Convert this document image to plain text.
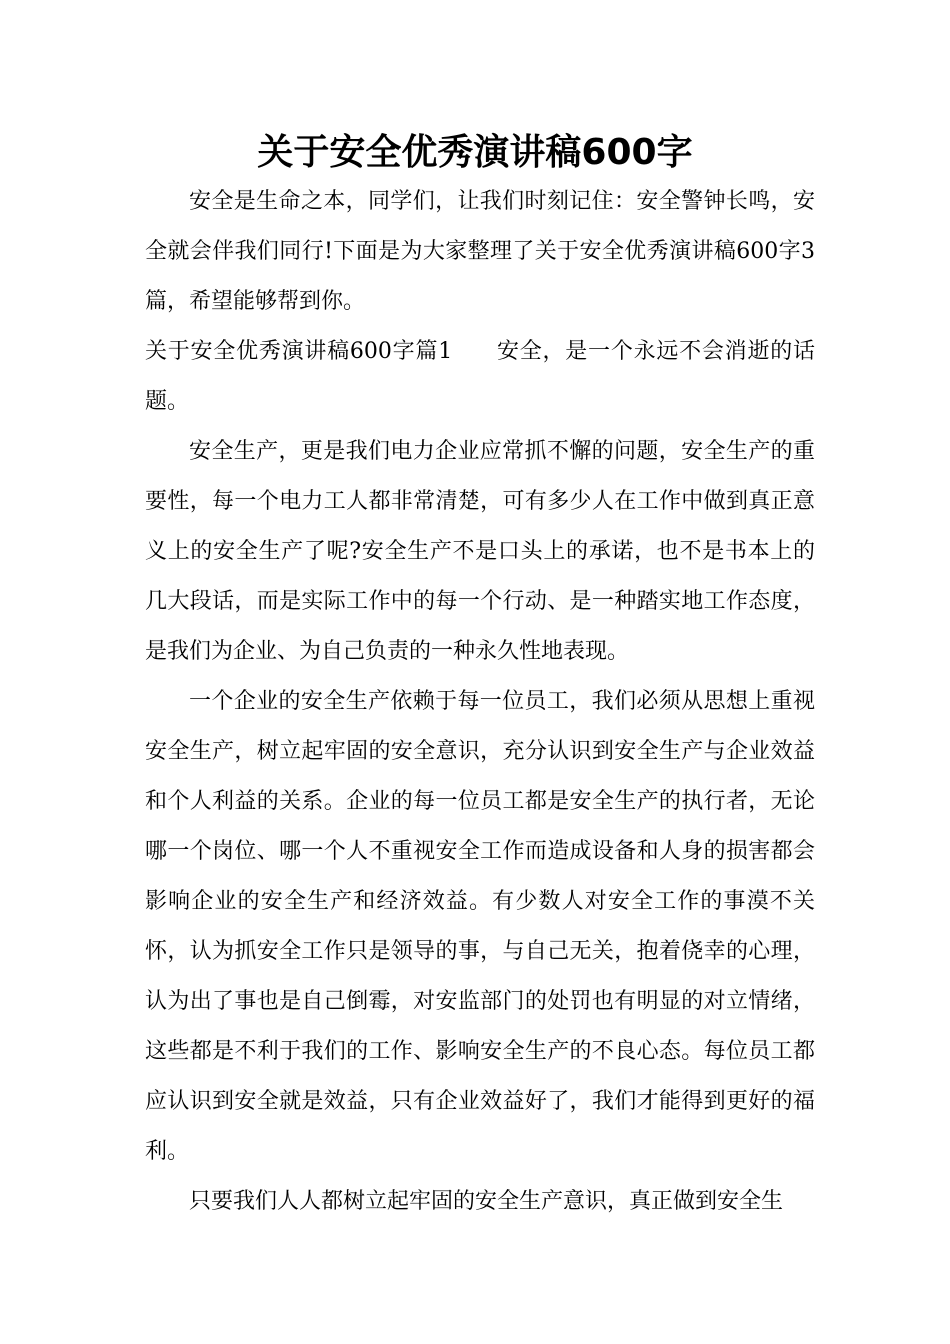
关于安全优秀演讲稿600字

安全是生命之本，同学们，让我们时刻记住：安全警钟长鸣，安全就会伴我们同行!下面是为大家整理了关于安全优秀演讲稿600字3篇，希望能够帮到你。

关于安全优秀演讲稿600字篇1 安全，是一个永远不会消逝的话题。

安全生产，更是我们电力企业应常抓不懈的问题，安全生产的重要性，每一个电力工人都非常清楚，可有多少人在工作中做到真正意义上的安全生产了呢?安全生产不是口头上的承诺，也不是书本上的几大段话，而是实际工作中的每一个行动、是一种踏实地工作态度，是我们为企业、为自己负责的一种永久性地表现。

一个企业的安全生产依赖于每一位员工，我们必须从思想上重视安全生产，树立起牢固的安全意识，充分认识到安全生产与企业效益和个人利益的关系。企业的每一位员工都是安全生产的执行者，无论哪一个岗位、哪一个人不重视安全工作而造成设备和人身的损害都会影响企业的安全生产和经济效益。有少数人对安全工作的事漠不关怀，认为抓安全工作只是领导的事，与自己无关，抱着侥幸的心理，认为出了事也是自己倒霉，对安监部门的处罚也有明显的对立情绪，这些都是不利于我们的工作、影响安全生产的不良心态。每位员工都应认识到安全就是效益，只有企业效益好了，我们才能得到更好的福利。

只要我们人人都树立起牢固的安全生产意识，真正做到安全生
